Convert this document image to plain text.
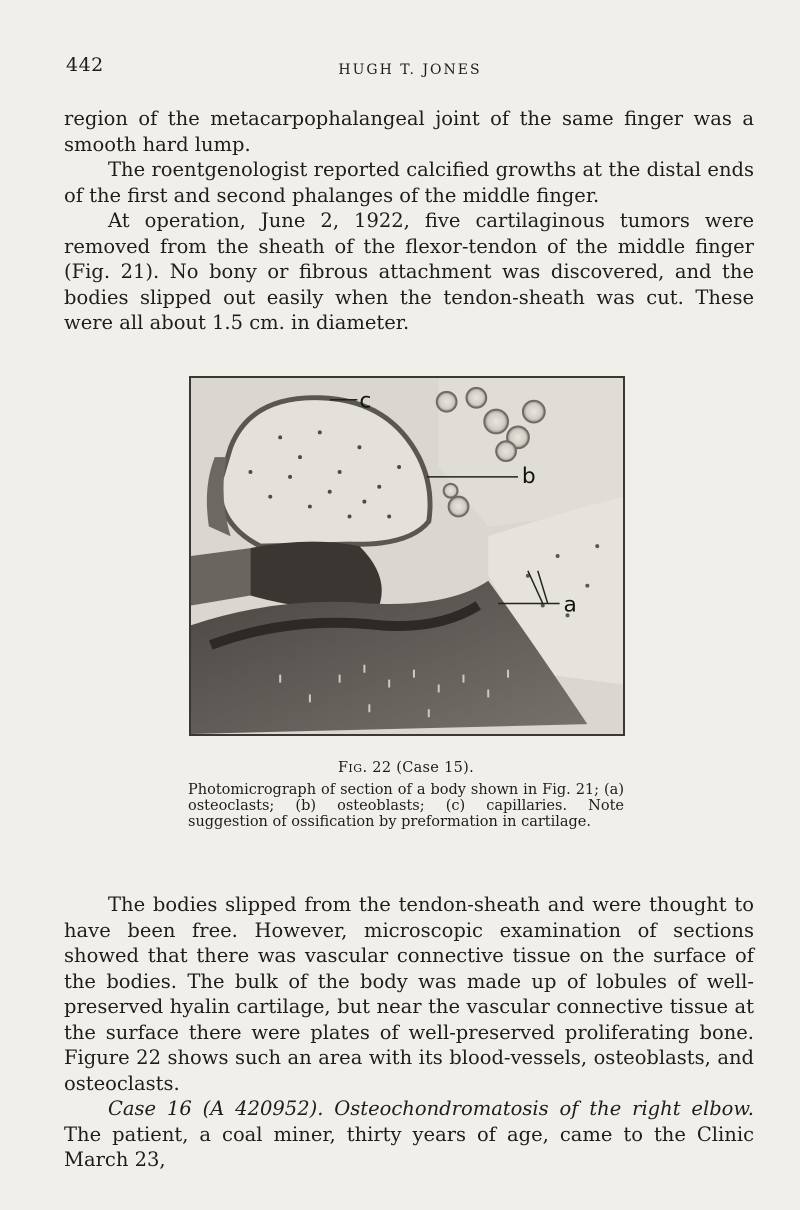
442	HUGH T. JONES

region of the metacarpophalangeal joint of the same finger was a smooth hard lump.

The roentgenologist reported calcified growths at the distal ends of the first and second phalanges of the middle finger.

At operation, June 2, 1922, five cartilaginous tumors were removed from the sheath of the flexor-tendon of the middle finger (Fig. 21). No bony or fibrous attachment was discovered, and the bodies slipped out easily when the tendon-sheath was cut. These were all about 1.5 cm. in diameter.

c
b
a
FIG. 22 (Case 15).
Photomicrograph of section of a body shown in Fig. 21; (a) osteoclasts; (b) osteoblasts; (c) capillaries. Note suggestion of ossification by preformation in cartilage.

The bodies slipped from the tendon-sheath and were thought to have been free. However, microscopic examination of sections showed that there was vascular connective tissue on the surface of the bodies. The bulk of the body was made up of lobules of well-preserved hyalin cartilage, but near the vascular connective tissue at the surface there were plates of well-preserved proliferating bone. Figure 22 shows such an area with its blood-vessels, osteoblasts, and osteoclasts.

Case 16 (A 420952). Osteochondromatosis of the right elbow. The patient, a coal miner, thirty years of age, came to the Clinic March 23,
